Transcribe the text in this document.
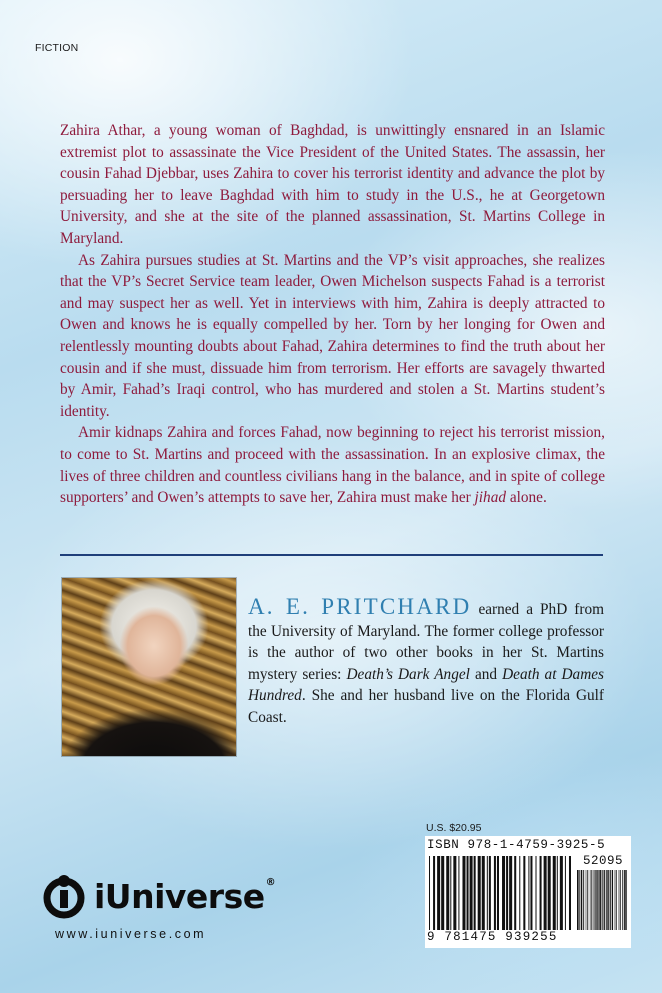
FICTION

Zahira Athar, a young woman of Baghdad, is unwittingly ensnared in an Islamic extremist plot to assassinate the Vice President of the United States. The assassin, her cousin Fahad Djebbar, uses Zahira to cover his terrorist identity and advance the plot by persuading her to leave Baghdad with him to study in the U.S., he at Georgetown University, and she at the site of the planned assassination, St. Martins College in Maryland.

As Zahira pursues studies at St. Martins and the VP’s visit approaches, she realizes that the VP’s Secret Service team leader, Owen Michelson suspects Fahad is a terrorist and may suspect her as well. Yet in interviews with him, Zahira is deeply attracted to Owen and knows he is equally compelled by her. Torn by her longing for Owen and relentlessly mounting doubts about Fahad, Zahira determines to find the truth about her cousin and if she must, dissuade him from terrorism. Her efforts are savagely thwarted by Amir, Fahad’s Iraqi control, who has murdered and stolen a St. Martins student’s identity.

Amir kidnaps Zahira and forces Fahad, now beginning to reject his terrorist mission, to come to St. Martins and proceed with the assassination. In an explosive climax, the lives of three children and countless civilians hang in the balance, and in spite of college supporters’ and Owen’s attempts to save her, Zahira must make her jihad alone.

A. E. PRITCHARD earned a PhD from the University of Maryland. The former college professor is the author of two other books in her St. Martins mystery series: Death’s Dark Angel and Death at Dames Hundred. She and her husband live on the Florida Gulf Coast.
U.S. $20.95
ISBN 978-1-4759-3925-5
52095
9 781475 939255
iUniverse®
www.iuniverse.com
